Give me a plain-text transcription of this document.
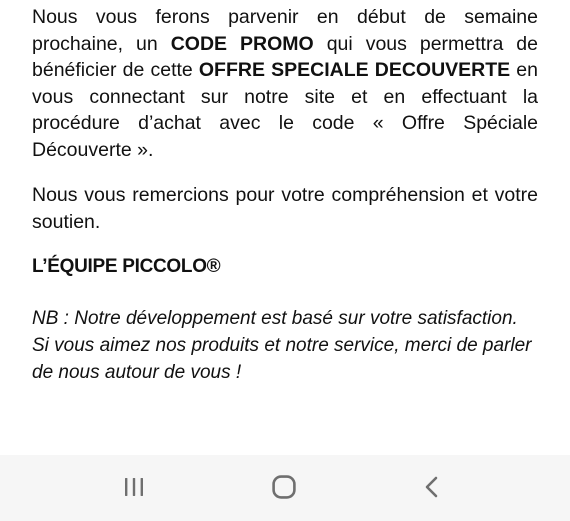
Nous vous ferons parvenir en début de semaine prochaine, un CODE PROMO qui vous permettra de bénéficier de cette OFFRE SPECIALE DECOUVERTE en vous connectant sur notre site et en effectuant la procédure d’achat avec le code « Offre Spéciale Découverte ».

Nous vous remercions pour votre compréhension et votre soutien.

L’ÉQUIPE PICCOLO®

NB : Notre développement est basé sur votre satisfaction. Si vous aimez nos produits et notre service, merci de parler de nous autour de vous !
